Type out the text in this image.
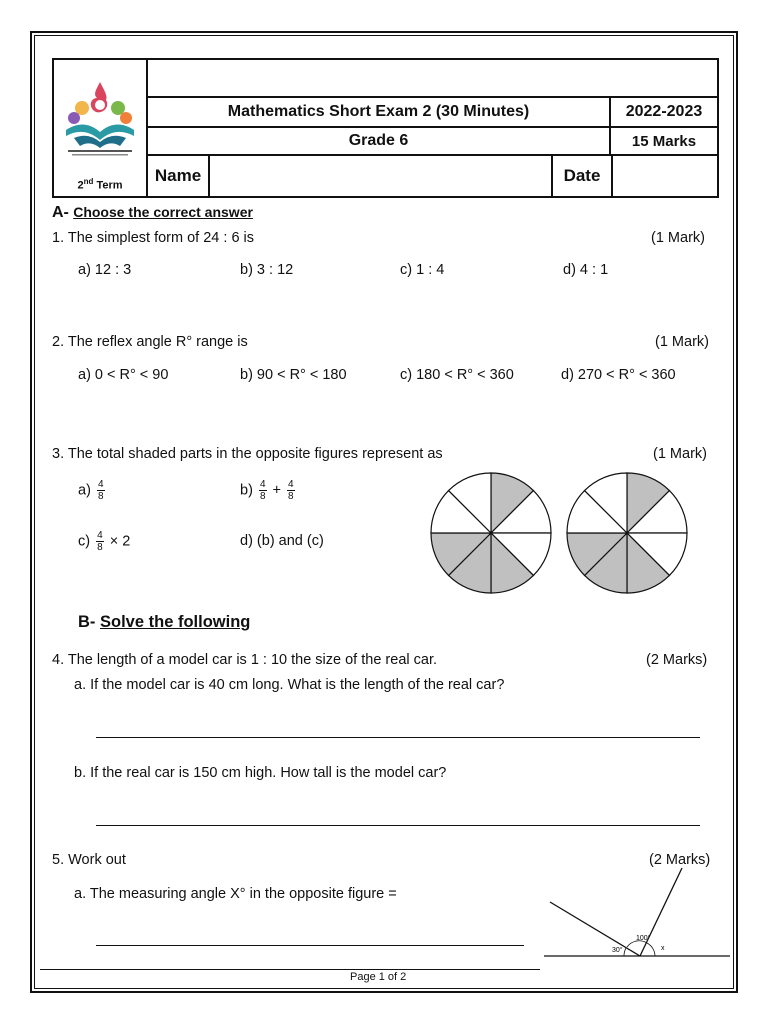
2nd Term		

	Mathematics Short Exam 2 (30 Minutes)	2022-2023
	Grade 6	15 Marks

Name Date	
A- Choose the correct answer
1. The simplest form of 24 : 6 is	(1 Mark)
a) 12 : 3	b) 3 : 12	c) 1 : 4	d) 4 : 1
2. The reflex angle R° range is	(1 Mark)
a) 0 < R° < 90	b) 90 < R° < 180	c) 180 < R° < 360	d) 270 < R° < 360
3. The total shaded parts in the opposite figures represent as	(1 Mark)
$a) \frac{4}{8}$	$b) \frac{4}{8} + \frac{4}{8}$
$c) \frac{4}{8} \times 2$	d) (b) and (c)
B- Solve the following
4. The length of a model car is 1 : 10 the size of the real car.	(2 Marks)
a. If the model car is 40 cm long. What is the length of the real car?
b. If the real car is 150 cm high. How tall is the model car?
5. Work out	(2 Marks)
a. The measuring angle X° in the opposite figure =
30°
100°
x
Page 1 of 2
